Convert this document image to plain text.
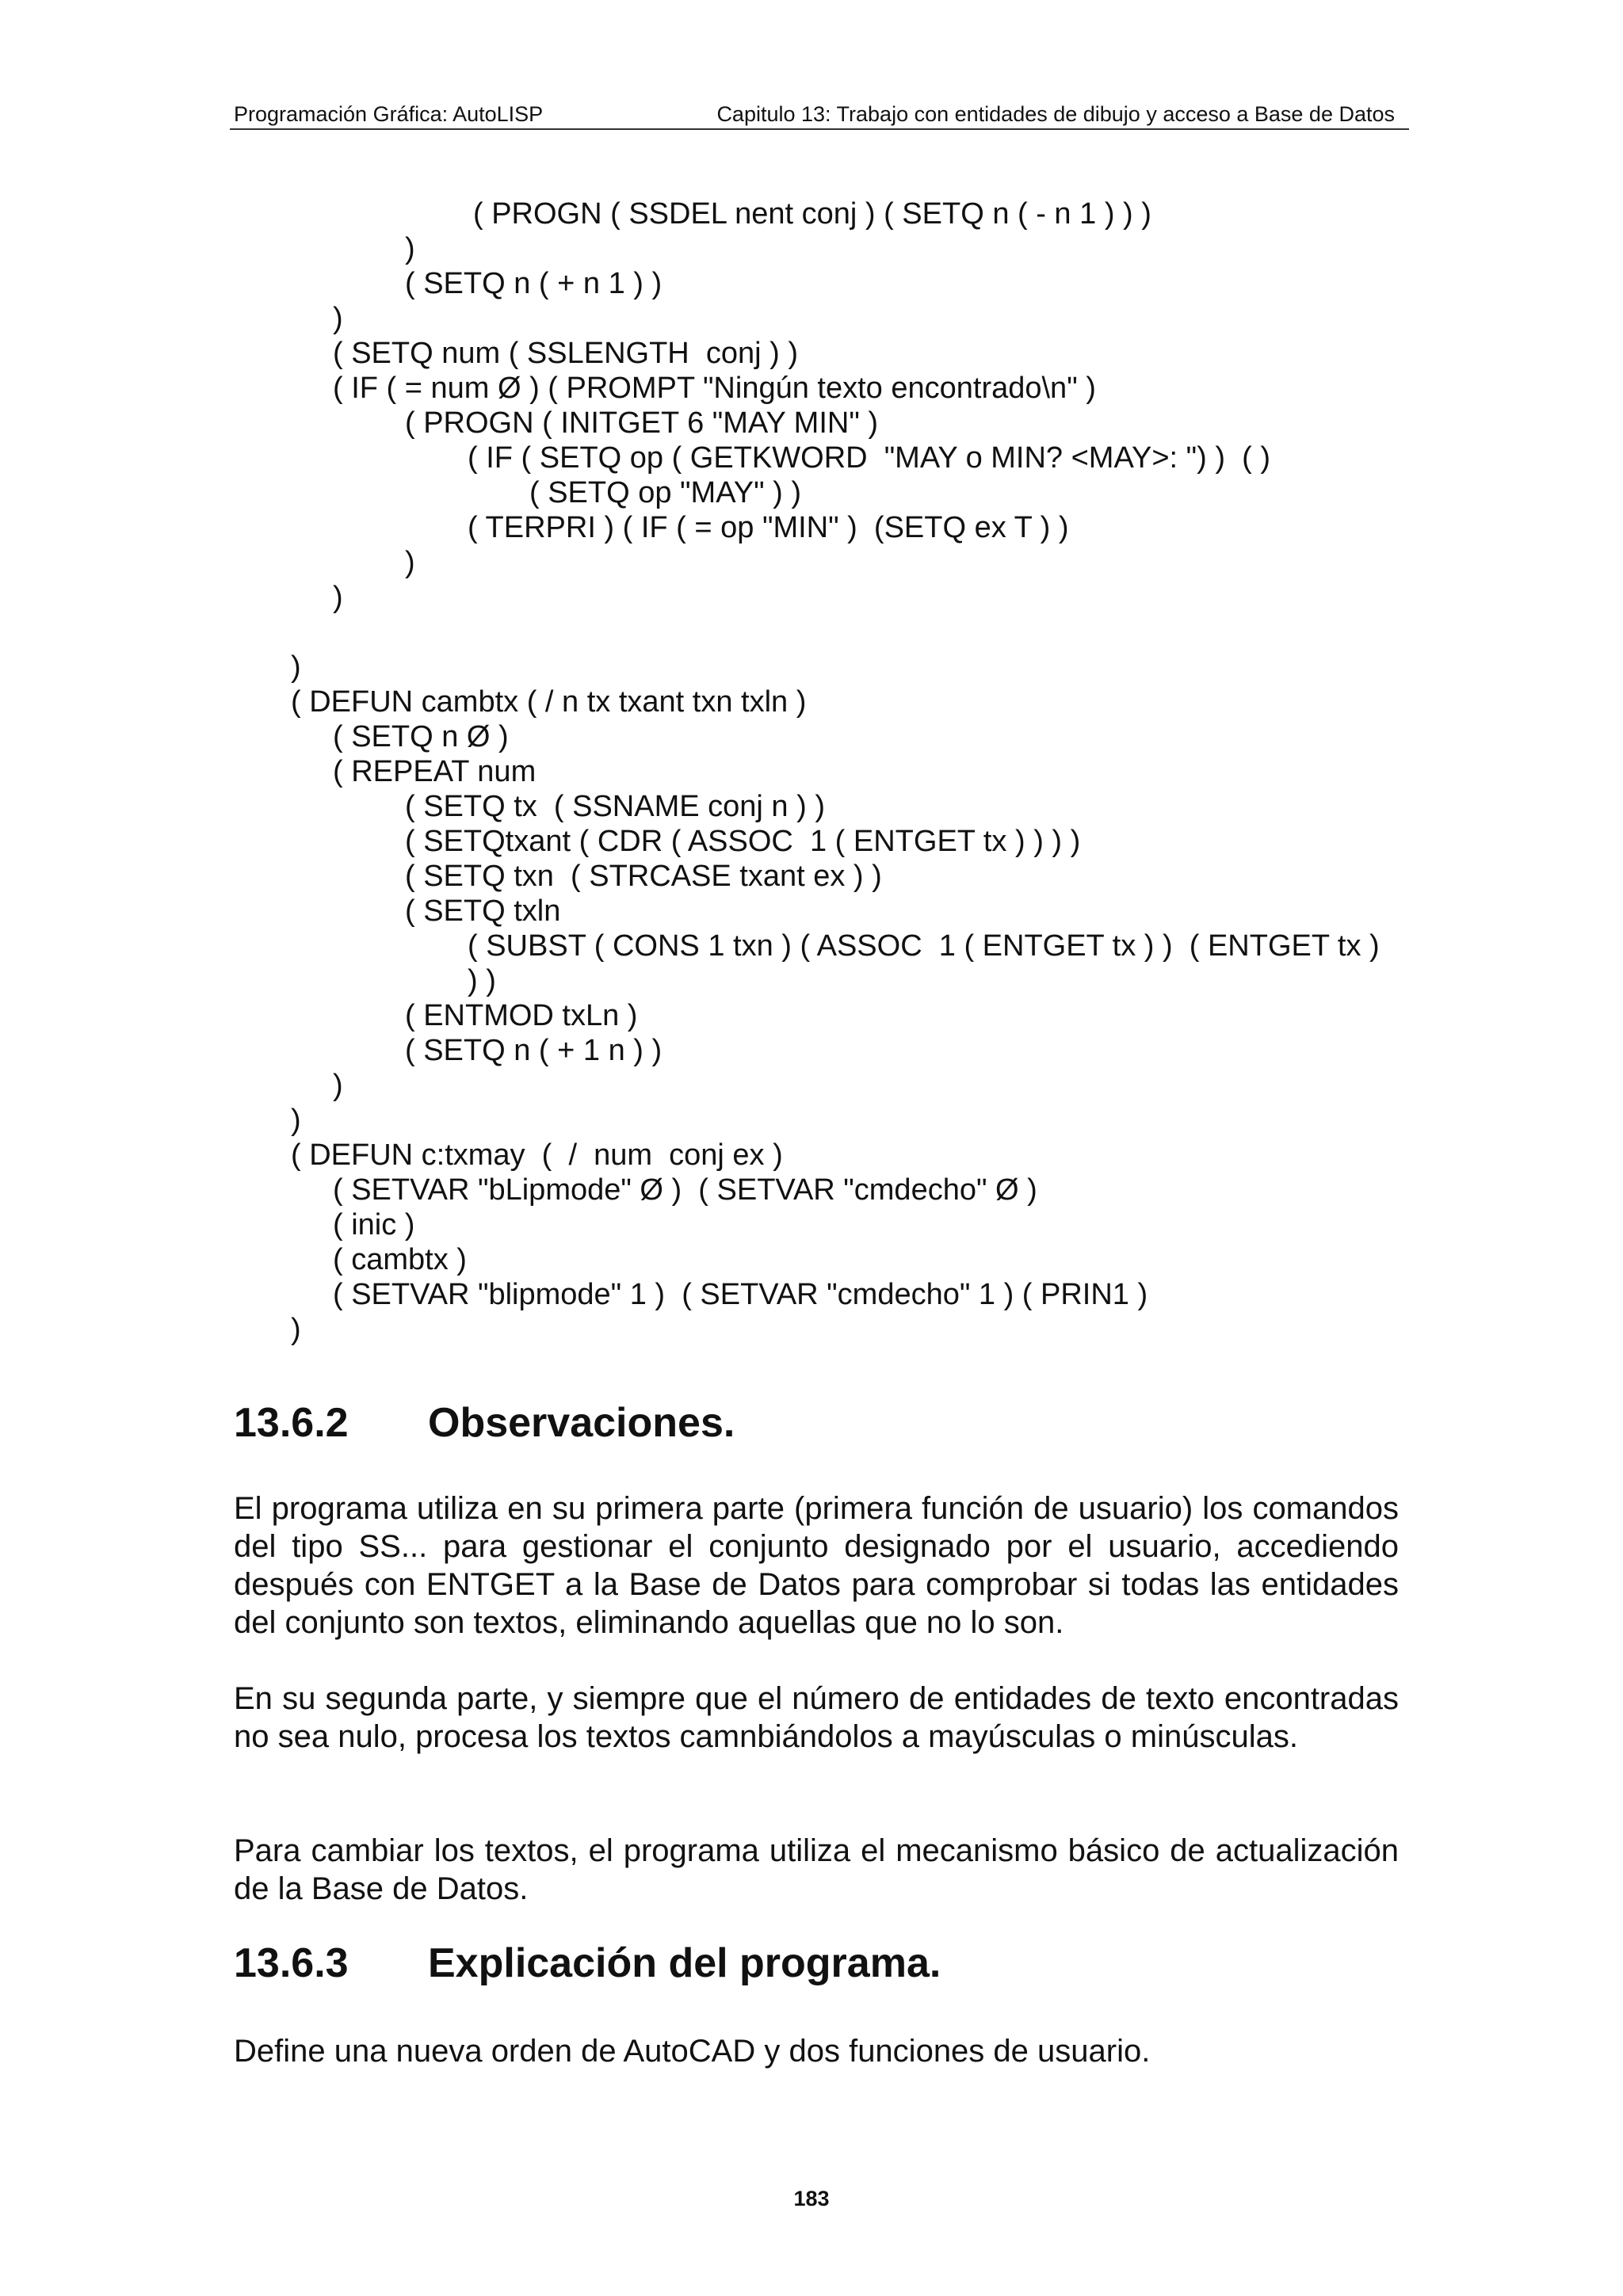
Programación Gráfica: AutoLISP	Capitulo 13: Trabajo con entidades de dibujo y acceso a Base de Datos
( PROGN ( SSDEL nent conj ) ( SETQ n ( - n 1 ) ) )
)
( SETQ n ( + n 1 ) )
)
( SETQ num ( SSLENGTH  conj ) )
( IF ( = num Ø ) ( PROMPT "Ningún texto encontrado\n" )
( PROGN ( INITGET 6 "MAY MIN" )
( IF ( SETQ op ( GETKWORD  "MAY o MIN? <MAY>: ") )  ( )
( SETQ op "MAY" ) )
( TERPRI ) ( IF ( = op "MIN" )  (SETQ ex T ) )
)
)
)
( DEFUN cambtx ( / n tx txant txn txln )
( SETQ n Ø )
( REPEAT num
( SETQ tx  ( SSNAME conj n ) )
( SETQtxant ( CDR ( ASSOC  1 ( ENTGET tx ) ) ) )
( SETQ txn  ( STRCASE txant ex ) )
( SETQ txln
( SUBST ( CONS 1 txn ) ( ASSOC  1 ( ENTGET tx ) )  ( ENTGET tx )
) )
( ENTMOD txLn )
( SETQ n ( + 1 n ) )
)
)
( DEFUN c:txmay  (  /  num  conj ex )
( SETVAR "bLipmode" Ø )  ( SETVAR "cmdecho" Ø )
( inic )
( cambtx )
( SETVAR "blipmode" 1 )  ( SETVAR "cmdecho" 1 ) ( PRIN1 )
)

13.6.2

Observaciones.

El programa utiliza en su primera parte (primera función de usuario) los comandos del tipo SS... para gestionar el conjunto designado por el usuario, accediendo después con ENTGET a la Base de Datos para comprobar si todas las entidades del conjunto son textos, eliminando aquellas que no lo son.
En su segunda parte, y siempre que el número de entidades de texto encontradas no sea nulo, procesa los textos camnbiándolos a mayúsculas o minúsculas.
Para cambiar los textos, el programa utiliza el mecanismo básico de actualización de la Base de Datos.

13.6.3

Explicación del programa.

Define una nueva orden de AutoCAD y dos funciones de usuario.
183
